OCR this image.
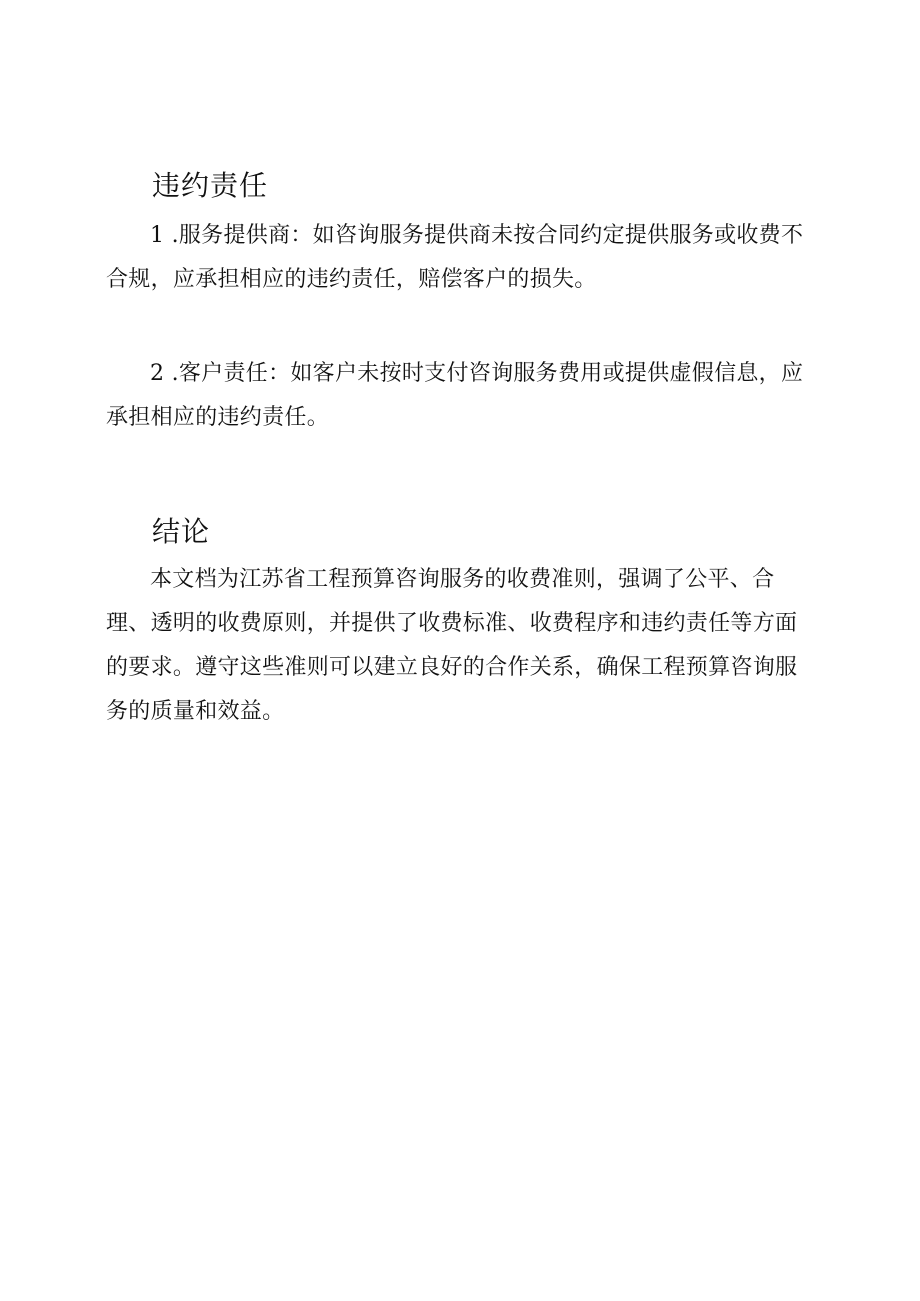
违约责任

1 .服务提供商：如咨询服务提供商未按合同约定提供服务或收费不合规，应承担相应的违约责任，赔偿客户的损失。

2 .客户责任：如客户未按时支付咨询服务费用或提供虚假信息，应承担相应的违约责任。

结论

本文档为江苏省工程预算咨询服务的收费准则，强调了公平、合理、透明的收费原则，并提供了收费标准、收费程序和违约责任等方面的要求。遵守这些准则可以建立良好的合作关系，确保工程预算咨询服务的质量和效益。
